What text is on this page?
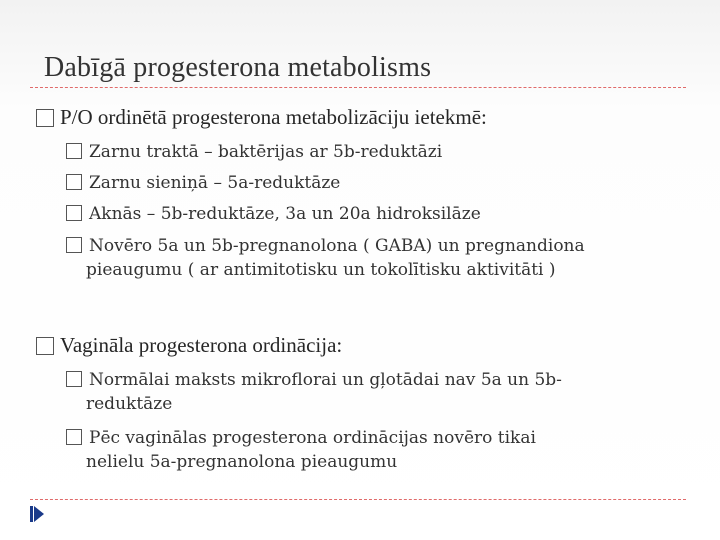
Dabīgā progesterona metabolisms
P/O ordinētā progesterona metabolizāciju ietekmē:
Zarnu traktā – baktērijas ar 5b-reduktāzi
Zarnu sieniņā – 5a-reduktāze
Aknās – 5b-reduktāze, 3a un 20a hidroksilāze
Novēro 5a un 5b-pregnanolona ( GABA) un pregnandiona
pieaugumu ( ar antimitotisku un tokolītisku aktivitāti )
Vagināla progesterona ordinācija:
Normālai maksts mikroflorai un gļotādai nav 5a un 5b-
reduktāze
Pēc vaginālas progesterona ordinācijas novēro tikai
nelielu 5a-pregnanolona pieaugumu
